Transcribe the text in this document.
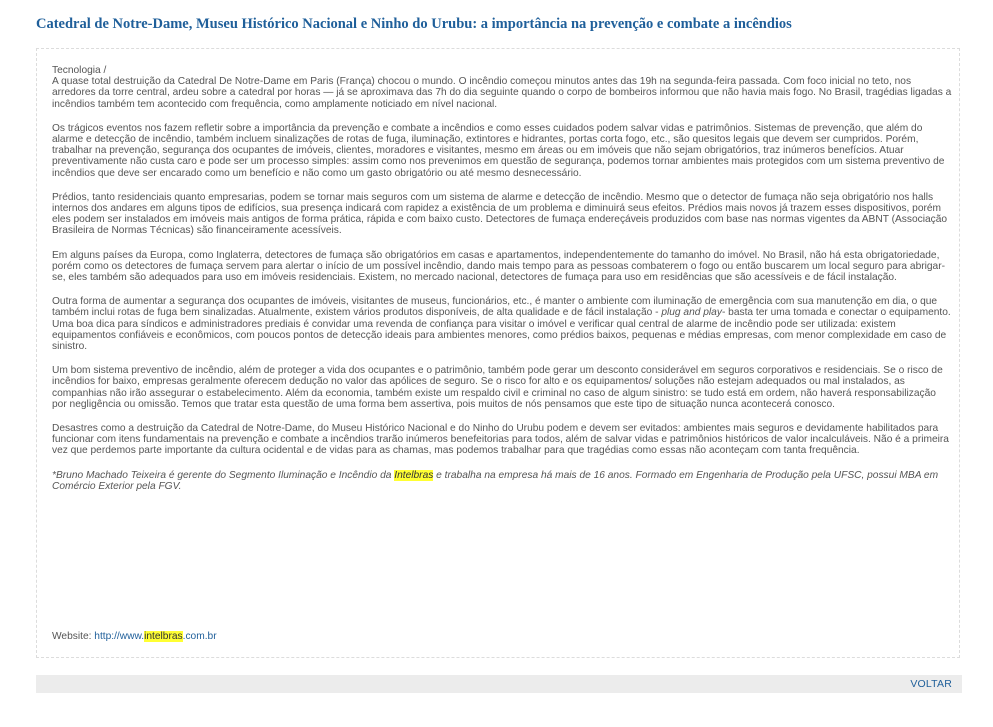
Catedral de Notre-Dame, Museu Histórico Nacional e Ninho do Urubu: a importância na prevenção e combate a incêndios

Tecnologia /
A quase total destruição da Catedral De Notre-Dame em Paris (França) chocou o mundo. O incêndio começou minutos antes das 19h na segunda-feira passada. Com foco inicial no teto, nos arredores da torre central, ardeu sobre a catedral por horas — já se aproximava das 7h do dia seguinte quando o corpo de bombeiros informou que não havia mais fogo. No Brasil, tragédias ligadas a incêndios também tem acontecido com frequência, como amplamente noticiado em nível nacional.

Os trágicos eventos nos fazem refletir sobre a importância da prevenção e combate a incêndios e como esses cuidados podem salvar vidas e patrimônios. Sistemas de prevenção, que além do alarme e detecção de incêndio, também incluem sinalizações de rotas de fuga, iluminação, extintores e hidrantes, portas corta fogo, etc., são quesitos legais que devem ser cumpridos. Porém, trabalhar na prevenção, segurança dos ocupantes de imóveis, clientes, moradores e visitantes, mesmo em áreas ou em imóveis que não sejam obrigatórios, traz inúmeros benefícios. Atuar preventivamente não custa caro e pode ser um processo simples: assim como nos prevenimos em questão de segurança, podemos tornar ambientes mais protegidos com um sistema preventivo de incêndios que deve ser encarado como um benefício e não como um gasto obrigatório ou até mesmo desnecessário.

Prédios, tanto residenciais quanto empresarias, podem se tornar mais seguros com um sistema de alarme e detecção de incêndio. Mesmo que o detector de fumaça não seja obrigatório nos halls internos dos andares em alguns tipos de edifícios, sua presença indicará com rapidez a existência de um problema e diminuirá seus efeitos. Prédios mais novos já trazem esses dispositivos, porém eles podem ser instalados em imóveis mais antigos de forma prática, rápida e com baixo custo. Detectores de fumaça endereçáveis produzidos com base nas normas vigentes da ABNT (Associação Brasileira de Normas Técnicas) são financeiramente acessíveis.

Em alguns países da Europa, como Inglaterra, detectores de fumaça são obrigatórios em casas e apartamentos, independentemente do tamanho do imóvel. No Brasil, não há esta obrigatoriedade, porém como os detectores de fumaça servem para alertar o início de um possível incêndio, dando mais tempo para as pessoas combaterem o fogo ou então buscarem um local seguro para abrigar-se, eles também são adequados para uso em imóveis residenciais. Existem, no mercado nacional, detectores de fumaça para uso em residências que são acessíveis e de fácil instalação.

Outra forma de aumentar a segurança dos ocupantes de imóveis, visitantes de museus, funcionários, etc., é manter o ambiente com iluminação de emergência com sua manutenção em dia, o que também inclui rotas de fuga bem sinalizadas. Atualmente, existem vários produtos disponíveis, de alta qualidade e de fácil instalação - plug and play- basta ter uma tomada e conectar o equipamento. Uma boa dica para síndicos e administradores prediais é convidar uma revenda de confiança para visitar o imóvel e verificar qual central de alarme de incêndio pode ser utilizada: existem equipamentos confiáveis e econômicos, com poucos pontos de detecção ideais para ambientes menores, como prédios baixos, pequenas e médias empresas, com menor complexidade em caso de sinistro.

Um bom sistema preventivo de incêndio, além de proteger a vida dos ocupantes e o patrimônio, também pode gerar um desconto considerável em seguros corporativos e residenciais. Se o risco de incêndios for baixo, empresas geralmente oferecem dedução no valor das apólices de seguro. Se o risco for alto e os equipamentos/ soluções não estejam adequados ou mal instalados, as companhias não irão assegurar o estabelecimento. Além da economia, também existe um respaldo civil e criminal no caso de algum sinistro: se tudo está em ordem, não haverá responsabilização por negligência ou omissão. Temos que tratar esta questão de uma forma bem assertiva, pois muitos de nós pensamos que este tipo de situação nunca acontecerá conosco.

Desastres como a destruição da Catedral de Notre-Dame, do Museu Histórico Nacional e do Ninho do Urubu podem e devem ser evitados: ambientes mais seguros e devidamente habilitados para funcionar com itens fundamentais na prevenção e combate a incêndios trarão inúmeros benefeitorias para todos, além de salvar vidas e patrimônios históricos de valor incalculáveis. Não é a primeira vez que perdemos parte importante da cultura ocidental e de vidas para as chamas, mas podemos trabalhar para que tragédias como essas não aconteçam com tanta frequência.

*Bruno Machado Teixeira é gerente do Segmento Iluminação e Incêndio da Intelbras e trabalha na empresa há mais de 16 anos. Formado em Engenharia de Produção pela UFSC, possui MBA em Comércio Exterior pela FGV.

Website: http://www.intelbras.com.br
VOLTAR
